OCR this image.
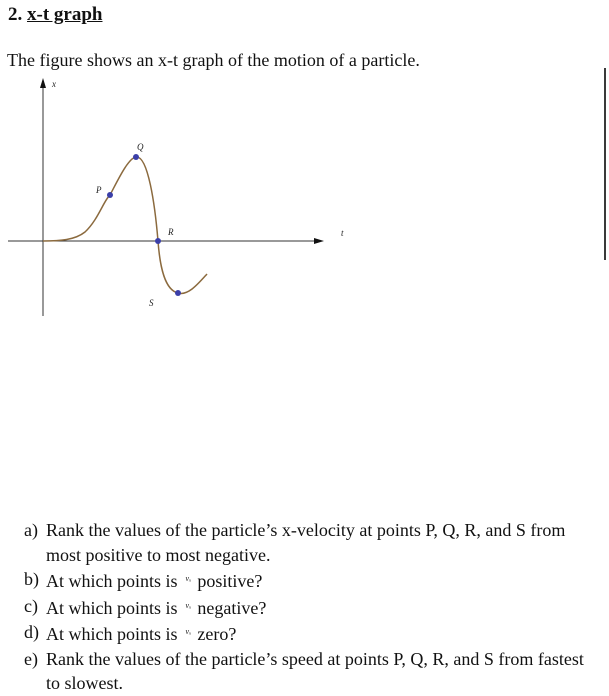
2. x-t graph
The figure shows an x-t graph of the motion of a particle.
x
t
P
Q
R
S
a) Rank the values of the particle’s x-velocity at points P, Q, R, and S from most positive to most negative.
b) At which points is $^{v_x}$ positive?
c) At which points is $^{v_x}$ negative?
d) At which points is $^{v_x}$ zero?
e) Rank the values of the particle’s speed at points P, Q, R, and S from fastest to slowest.
